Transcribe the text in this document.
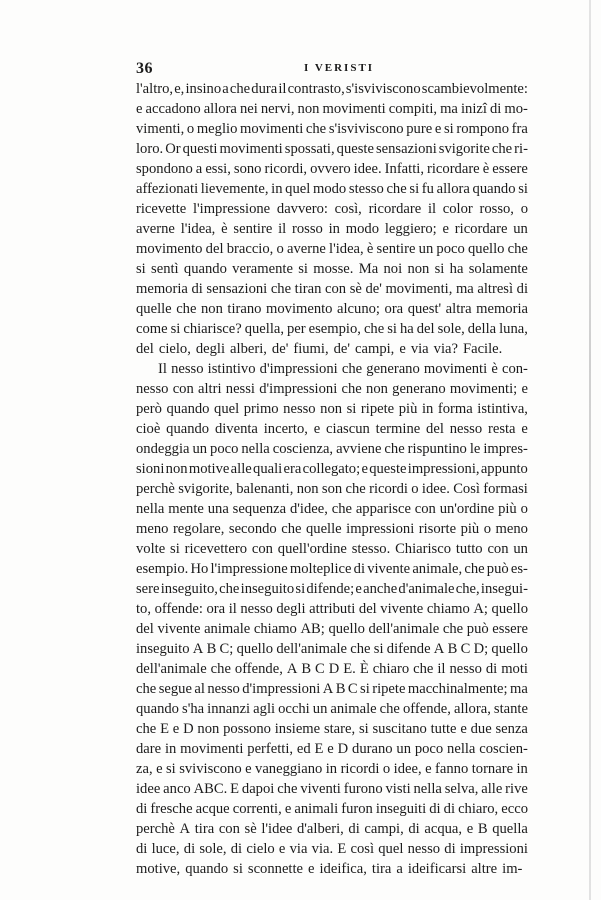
36	I VERISTI
l'altro, e, insino a che dura il contrasto, s'isviviscono scambievolmente:
e accadono allora nei nervi, non movimenti compiti, ma inizî di mo-
vimenti, o meglio movimenti che s'isviviscono pure e si rompono fra
loro. Or questi movimenti spossati, queste sensazioni svigorite che ri-
spondono a essi, sono ricordi, ovvero idee. Infatti, ricordare è essere
affezionati lievemente, in quel modo stesso che si fu allora quando si
ricevette l'impressione davvero: così, ricordare il color rosso, o
averne l'idea, è sentire il rosso in modo leggiero; e ricordare un
movimento del braccio, o averne l'idea, è sentire un poco quello che
si sentì quando veramente si mosse. Ma noi non si ha solamente
memoria di sensazioni che tiran con sè de' movimenti, ma altresì di
quelle che non tirano movimento alcuno; ora quest' altra memoria
come si chiarisce? quella, per esempio, che si ha del sole, della luna,
del cielo, degli alberi, de' fiumi, de' campi, e via via? Facile.
Il nesso istintivo d'impressioni che generano movimenti è con-
nesso con altri nessi d'impressioni che non generano movimenti; e
però quando quel primo nesso non si ripete più in forma istintiva,
cioè quando diventa incerto, e ciascun termine del nesso resta e
ondeggia un poco nella coscienza, avviene che rispuntino le impres-
sioni non motive alle quali era collegato; e queste impressioni, appunto
perchè svigorite, balenanti, non son che ricordi o idee. Così formasi
nella mente una sequenza d'idee, che apparisce con un'ordine più o
meno regolare, secondo che quelle impressioni risorte più o meno
volte si ricevettero con quell'ordine stesso. Chiarisco tutto con un
esempio. Ho l'impressione molteplice di vivente animale, che può es-
sere inseguito, che inseguito si difende; e anche d'animale che, insegui-
to, offende: ora il nesso degli attributi del vivente chiamo A; quello
del vivente animale chiamo AB; quello dell'animale che può essere
inseguito A B C; quello dell'animale che si difende A B C D; quello
dell'animale che offende, A B C D E. È chiaro che il nesso di moti
che segue al nesso d'impressioni A B C si ripete macchinalmente; ma
quando s'ha innanzi agli occhi un animale che offende, allora, stante
che E e D non possono insieme stare, si suscitano tutte e due senza
dare in movimenti perfetti, ed E e D durano un poco nella coscien-
za, e si sviviscono e vaneggiano in ricordi o idee, e fanno tornare in
idee anco ABC. E dapoi che viventi furono visti nella selva, alle rive
di fresche acque correnti, e animali furon inseguiti di di chiaro, ecco
perchè A tira con sè l'idee d'alberi, di campi, di acqua, e B quella
di luce, di sole, di cielo e via via. E così quel nesso di impressioni
motive, quando si sconnette e ideifica, tira a ideificarsi altre im-
